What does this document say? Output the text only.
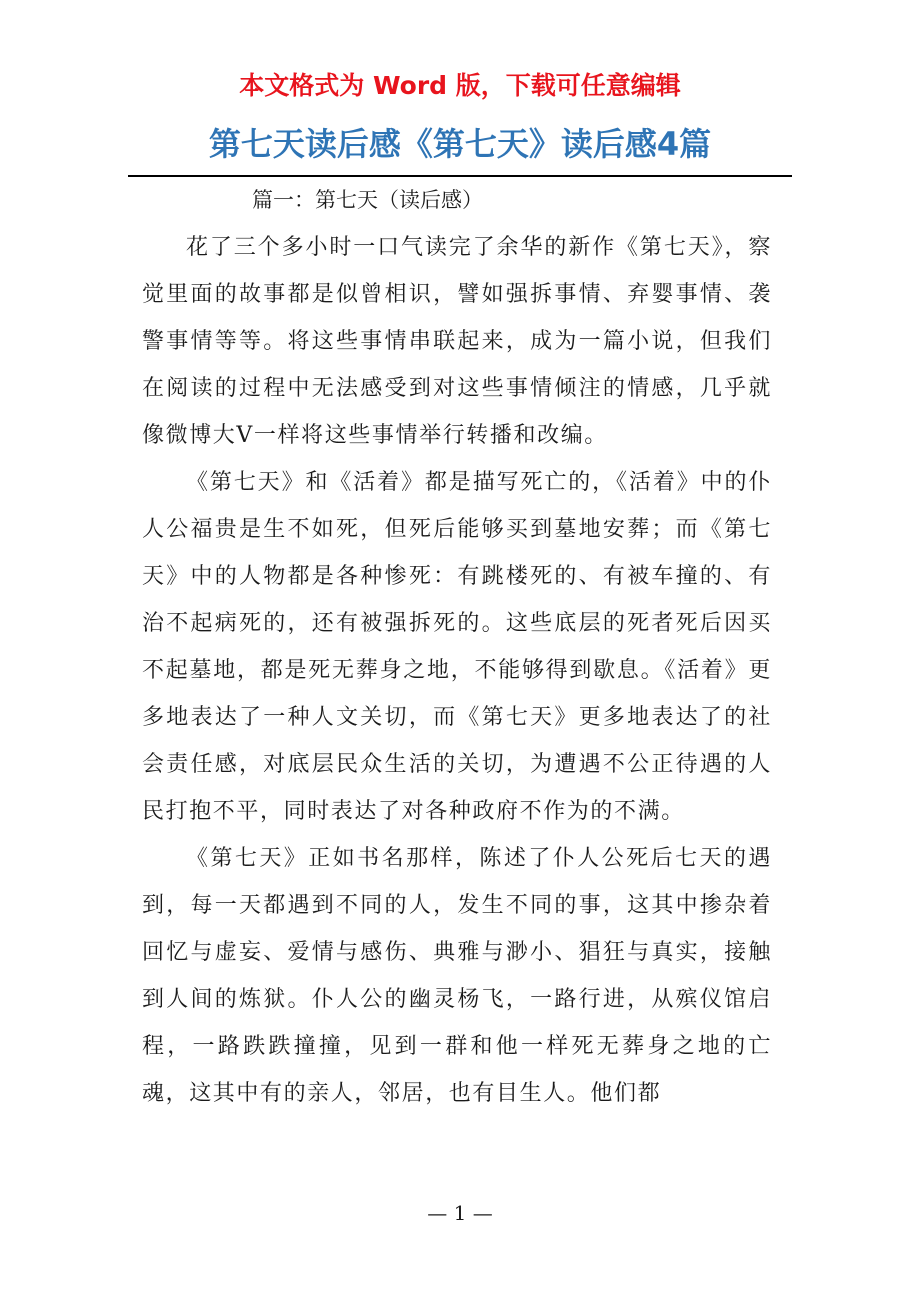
本文格式为 Word 版，下载可任意编辑
第七天读后感《第七天》读后感4篇
篇一：第七天（读后感）

花了三个多小时一口气读完了余华的新作《第七天》，察觉里面的故事都是似曾相识，譬如强拆事情、弃婴事情、袭警事情等等。将这些事情串联起来，成为一篇小说，但我们在阅读的过程中无法感受到对这些事情倾注的情感，几乎就像微博大V一样将这些事情举行转播和改编。

《第七天》和《活着》都是描写死亡的，《活着》中的仆人公福贵是生不如死，但死后能够买到墓地安葬；而《第七天》中的人物都是各种惨死：有跳楼死的、有被车撞的、有治不起病死的，还有被强拆死的。这些底层的死者死后因买不起墓地，都是死无葬身之地，不能够得到歇息。《活着》更多地表达了一种人文关切，而《第七天》更多地表达了的社会责任感，对底层民众生活的关切，为遭遇不公正待遇的人民打抱不平，同时表达了对各种政府不作为的不满。

《第七天》正如书名那样，陈述了仆人公死后七天的遇到，每一天都遇到不同的人，发生不同的事，这其中掺杂着回忆与虚妄、爱情与感伤、典雅与渺小、猖狂与真实，接触到人间的炼狱。仆人公的幽灵杨飞，一路行进，从殡仪馆启程，一路跌跌撞撞，见到一群和他一样死无葬身之地的亡魂，这其中有的亲人，邻居，也有目生人。他们都

— 1 —
